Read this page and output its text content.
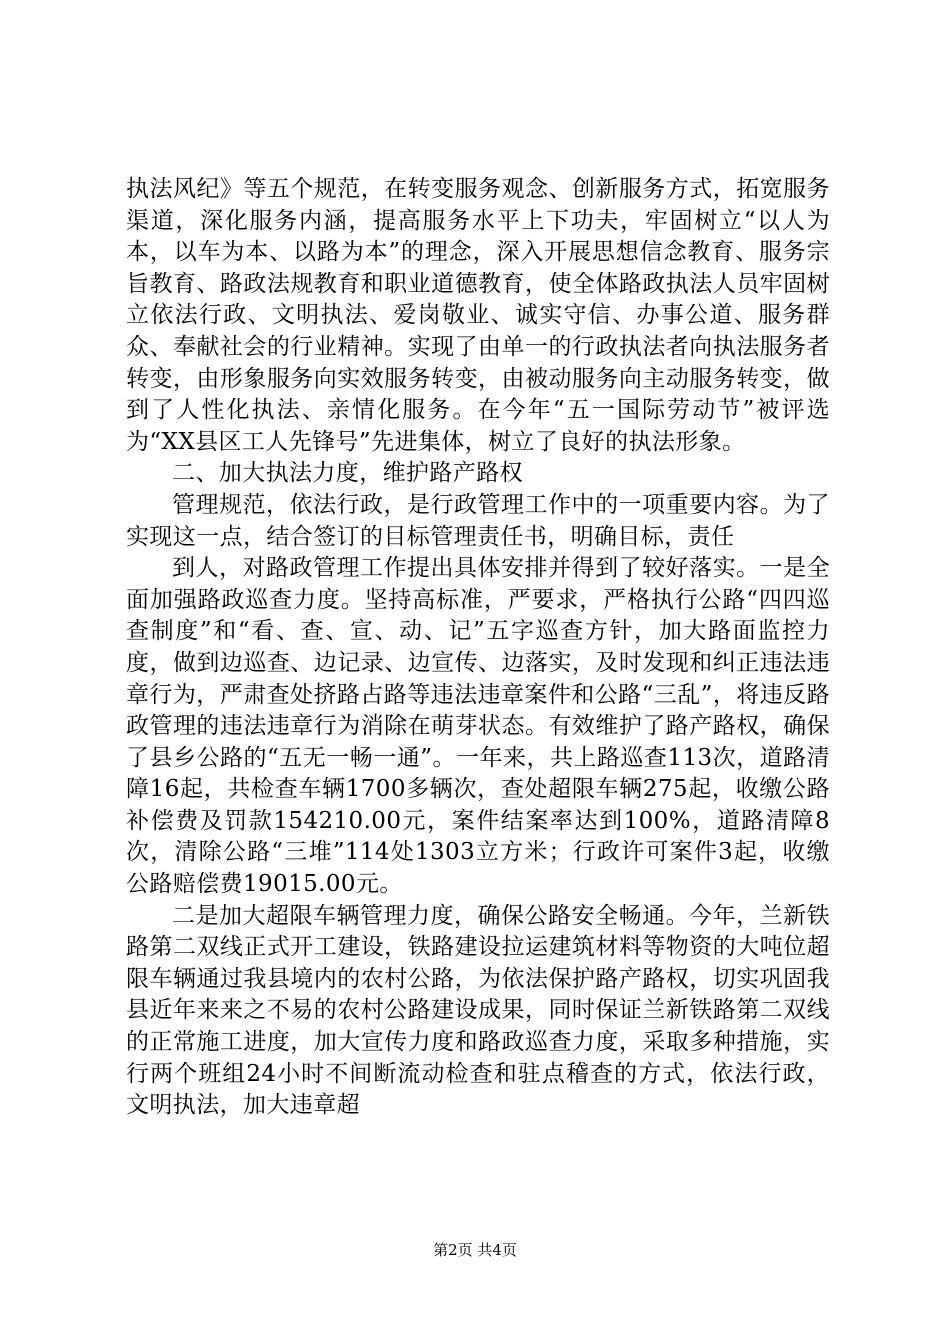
执法风纪》等五个规范，在转变服务观念、创新服务方式，拓宽服务渠道，深化服务内涵，提高服务水平上下功夫，牢固树立“以人为本，以车为本、以路为本”的理念，深入开展思想信念教育、服务宗旨教育、路政法规教育和职业道德教育，使全体路政执法人员牢固树立依法行政、文明执法、爱岗敬业、诚实守信、办事公道、服务群众、奉献社会的行业精神。实现了由单一的行政执法者向执法服务者转变，由形象服务向实效服务转变，由被动服务向主动服务转变，做到了人性化执法、亲情化服务。在今年“五一国际劳动节”被评选为“XX县区工人先锋号”先进集体，树立了良好的执法形象。

二、加大执法力度，维护路产路权

管理规范，依法行政，是行政管理工作中的一项重要内容。为了实现这一点，结合签订的目标管理责任书，明确目标，责任

到人，对路政管理工作提出具体安排并得到了较好落实。一是全面加强路政巡查力度。坚持高标准，严要求，严格执行公路“四四巡查制度”和“看、查、宣、动、记”五字巡查方针，加大路面监控力度，做到边巡查、边记录、边宣传、边落实，及时发现和纠正违法违章行为，严肃查处挤路占路等违法违章案件和公路“三乱”，将违反路政管理的违法违章行为消除在萌芽状态。有效维护了路产路权，确保了县乡公路的“五无一畅一通”。一年来，共上路巡查113次，道路清障16起，共检查车辆1700多辆次，查处超限车辆275起，收缴公路补偿费及罚款154210.00元，案件结案率达到100%，道路清障8次，清除公路“三堆”114处1303立方米；行政许可案件3起，收缴公路赔偿费19015.00元。

二是加大超限车辆管理力度，确保公路安全畅通。今年，兰新铁路第二双线正式开工建设，铁路建设拉运建筑材料等物资的大吨位超限车辆通过我县境内的农村公路，为依法保护路产路权，切实巩固我县近年来来之不易的农村公路建设成果，同时保证兰新铁路第二双线的正常施工进度，加大宣传力度和路政巡查力度，采取多种措施，实行两个班组24小时不间断流动检查和驻点稽查的方式，依法行政，文明执法，加大违章超

第2页 共4页
